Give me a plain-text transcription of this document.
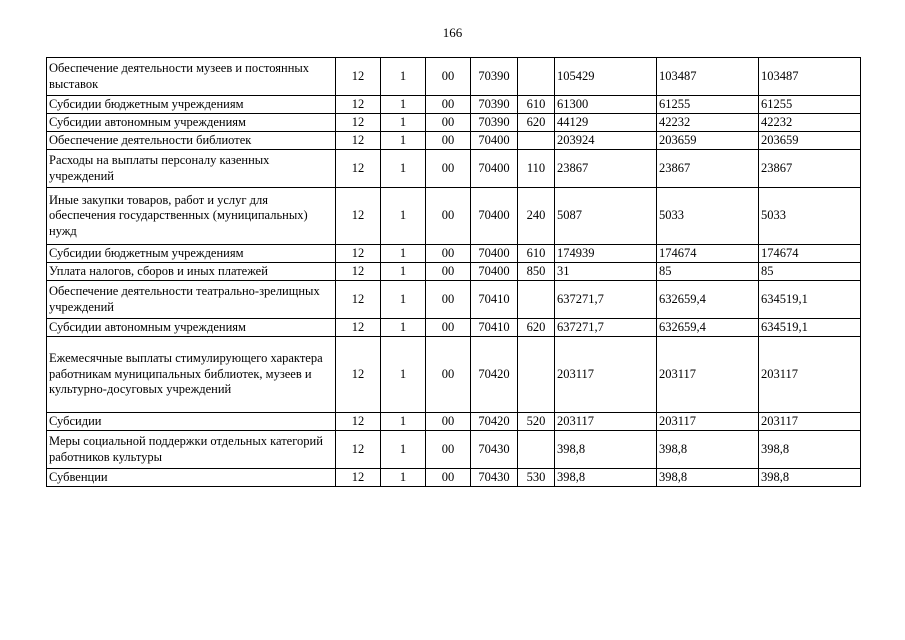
166
Обеспечение деятельности музеев и постоянных выставок	12	1	00	70390		105429	103487	103487
Субсидии бюджетным учреждениям	12	1	00	70390	610	61300	61255	61255
Субсидии автономным учреждениям	12	1	00	70390	620	44129	42232	42232
Обеспечение деятельности библиотек	12	1	00	70400		203924	203659	203659
Расходы на выплаты персоналу казенных учреждений	12	1	00	70400	110	23867	23867	23867
Иные закупки товаров, работ и услуг для обеспечения государственных (муниципальных) нужд	12	1	00	70400	240	5087	5033	5033
Субсидии бюджетным учреждениям	12	1	00	70400	610	174939	174674	174674
Уплата налогов, сборов и иных платежей	12	1	00	70400	850	31	85	85
Обеспечение деятельности театрально-зрелищных учреждений	12	1	00	70410		637271,7	632659,4	634519,1
Субсидии автономным учреждениям	12	1	00	70410	620	637271,7	632659,4	634519,1
Ежемесячные выплаты стимулирующего характера работникам муниципальных библиотек, музеев и культурно-досуговых учреждений	12	1	00	70420		203117	203117	203117
Субсидии	12	1	00	70420	520	203117	203117	203117
Меры социальной поддержки отдельных категорий работников культуры	12	1	00	70430		398,8	398,8	398,8
Субвенции	12	1	00	70430	530	398,8	398,8	398,8
